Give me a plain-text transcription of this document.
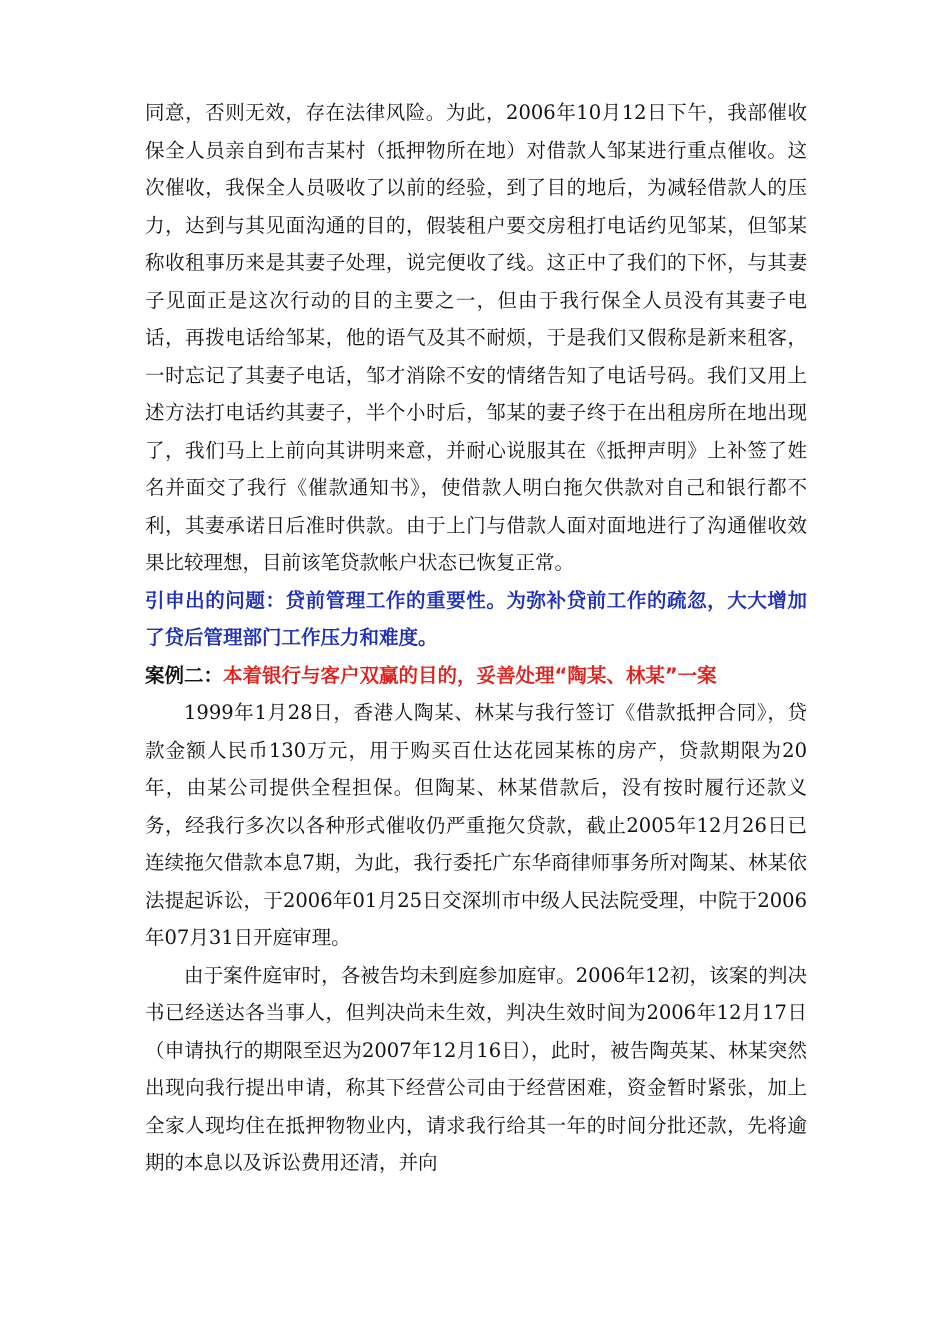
同意，否则无效，存在法律风险。为此，2006年10月12日下午，我部催收保全人员亲自到布吉某村（抵押物所在地）对借款人邹某进行重点催收。这次催收，我保全人员吸收了以前的经验，到了目的地后，为减轻借款人的压力，达到与其见面沟通的目的，假装租户要交房租打电话约见邹某，但邹某称收租事历来是其妻子处理，说完便收了线。这正中了我们的下怀，与其妻子见面正是这次行动的目的主要之一，但由于我行保全人员没有其妻子电话，再拨电话给邹某，他的语气及其不耐烦，于是我们又假称是新来租客，一时忘记了其妻子电话，邹才消除不安的情绪告知了电话号码。我们又用上述方法打电话约其妻子，半个小时后，邹某的妻子终于在出租房所在地出现了，我们马上上前向其讲明来意，并耐心说服其在《抵押声明》上补签了姓名并面交了我行《催款通知书》，使借款人明白拖欠供款对自己和银行都不利，其妻承诺日后准时供款。由于上门与借款人面对面地进行了沟通催收效果比较理想，目前该笔贷款帐户状态已恢复正常。

引申出的问题：贷前管理工作的重要性。为弥补贷前工作的疏忽，大大增加了贷后管理部门工作压力和难度。

案例二：本着银行与客户双赢的目的，妥善处理“陶某、林某”一案

1999年1月28日，香港人陶某、林某与我行签订《借款抵押合同》，贷款金额人民币130万元，用于购买百仕达花园某栋的房产，贷款期限为20年，由某公司提供全程担保。但陶某、林某借款后，没有按时履行还款义务，经我行多次以各种形式催收仍严重拖欠贷款，截止2005年12月26日已连续拖欠借款本息7期，为此，我行委托广东华商律师事务所对陶某、林某依法提起诉讼，于2006年01月25日交深圳市中级人民法院受理，中院于2006年07月31日开庭审理。

由于案件庭审时，各被告均未到庭参加庭审。2006年12初，该案的判决书已经送达各当事人，但判决尚未生效，判决生效时间为2006年12月17日（申请执行的期限至迟为2007年12月16日），此时，被告陶英某、林某突然出现向我行提出申请，称其下经营公司由于经营困难，资金暂时紧张，加上全家人现均住在抵押物物业内，请求我行给其一年的时间分批还款，先将逾期的本息以及诉讼费用还清，并向
